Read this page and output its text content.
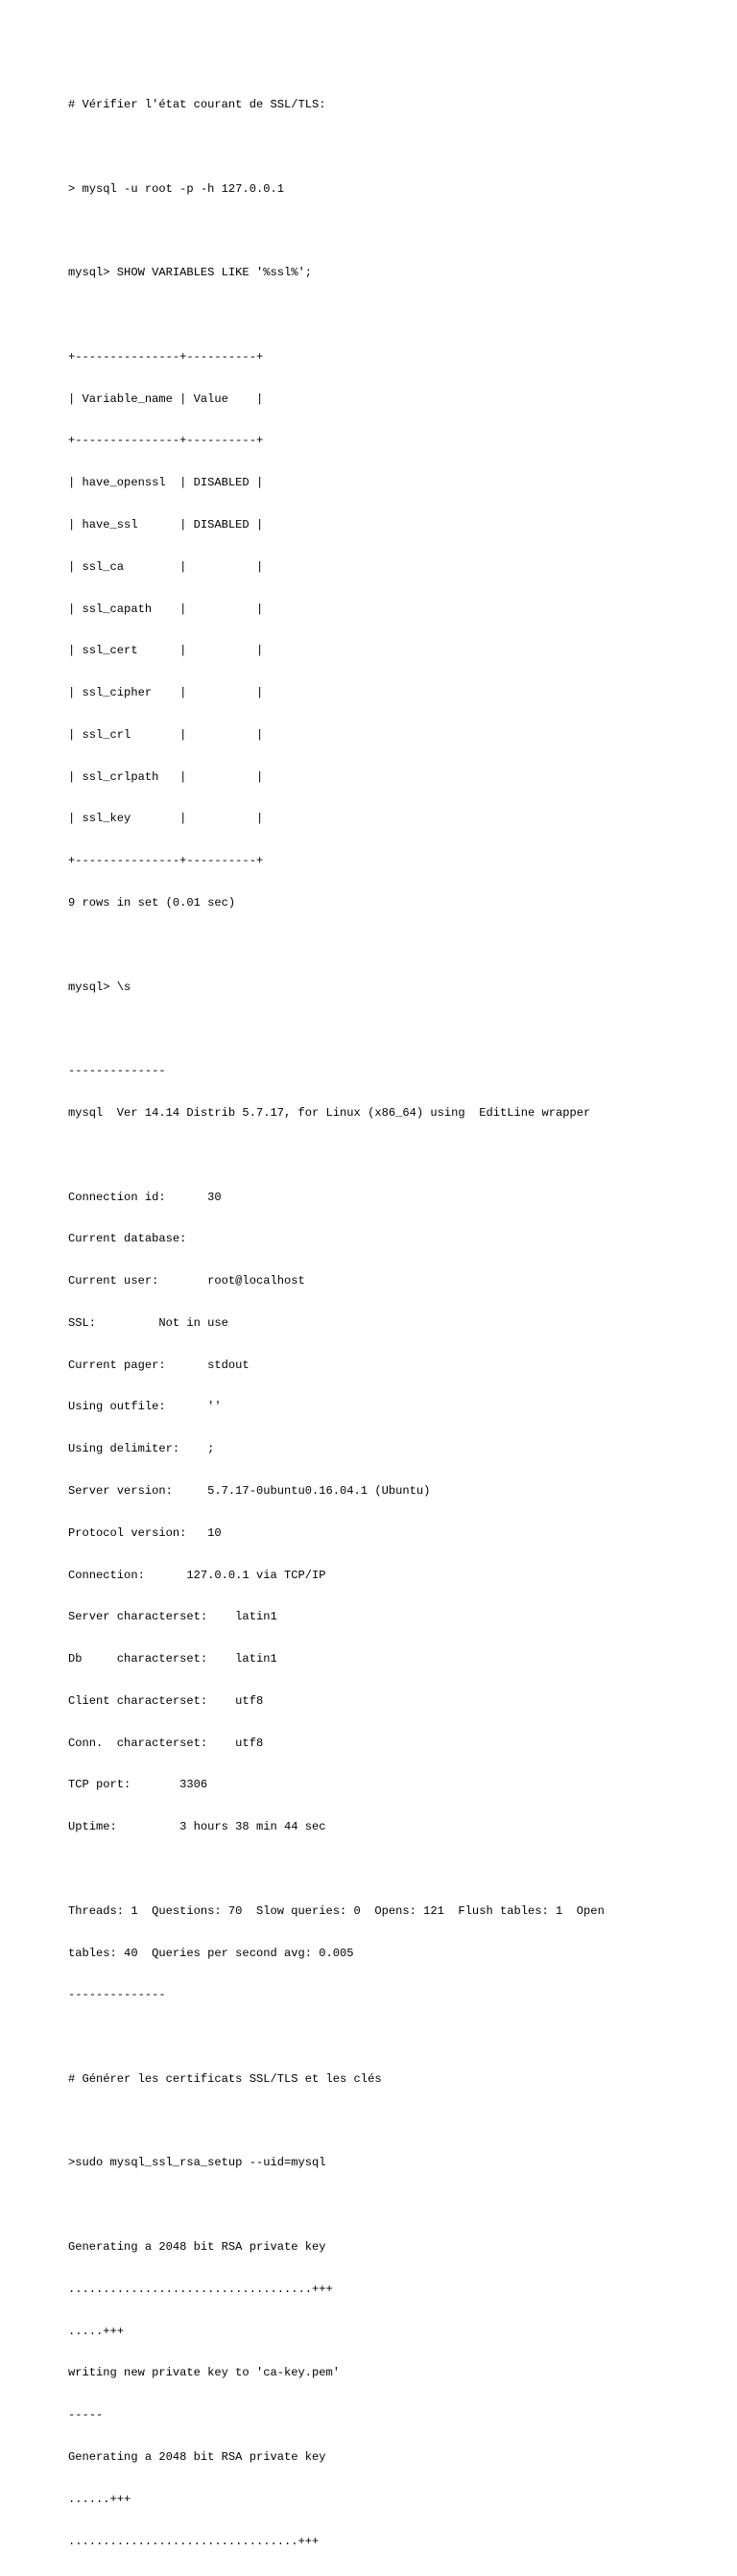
# Vérifier l'état courant de SSL/TLS:

> mysql -u root -p -h 127.0.0.1

mysql> SHOW VARIABLES LIKE '%ssl%';

+---------------+----------+

| Variable_name | Value    |

+---------------+----------+

| have_openssl  | DISABLED |

| have_ssl      | DISABLED |

| ssl_ca        |          |

| ssl_capath    |          |

| ssl_cert      |          |

| ssl_cipher    |          |

| ssl_crl       |          |

| ssl_crlpath   |          |

| ssl_key       |          |

+---------------+----------+

9 rows in set (0.01 sec)

mysql> \s

--------------

mysql  Ver 14.14 Distrib 5.7.17, for Linux (x86_64) using  EditLine wrapper

Connection id:      30

Current database:

Current user:       root@localhost

SSL:         Not in use

Current pager:      stdout

Using outfile:      ''

Using delimiter:    ;

Server version:     5.7.17-0ubuntu0.16.04.1 (Ubuntu)

Protocol version:   10

Connection:      127.0.0.1 via TCP/IP

Server characterset:    latin1

Db     characterset:    latin1

Client characterset:    utf8

Conn.  characterset:    utf8

TCP port:       3306

Uptime:         3 hours 38 min 44 sec

Threads: 1  Questions: 70  Slow queries: 0  Opens: 121  Flush tables: 1  Open

tables: 40  Queries per second avg: 0.005

--------------

# Générer les certificats SSL/TLS et les clés

>sudo mysql_ssl_rsa_setup --uid=mysql

Generating a 2048 bit RSA private key

...................................+++

.....+++

writing new private key to 'ca-key.pem'

-----

Generating a 2048 bit RSA private key

......+++

.................................+++
